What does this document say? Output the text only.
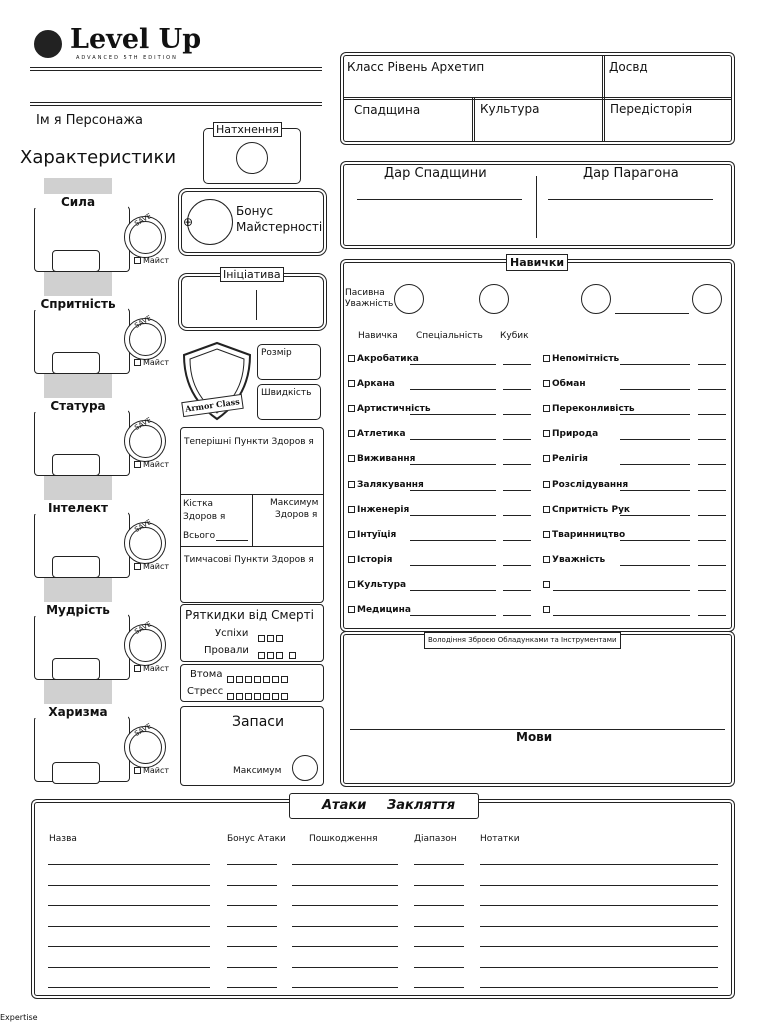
Level Up
ADVANCED 5TH EDITION
Ім я Персонажа
Характеристики
Сила
SAVE
Майст
Спритність
SAVE
Майст
Статура
SAVE
Майст
Інтелект
SAVE
Майст
Мудрість
SAVE
Майст
Харизма
SAVE
Майст
Натхнення
⊕
Бонус
Майстерності
Ініціатива
Armor Class
Розмір
Швидкість
Теперішні Пункти Здоров я
Кістка
Здоров я
Всього
Максимум
Здоров я
Тимчасові Пункти Здоров я
Ряткидки від Смерті
Успіхи
Провали
Втома
Стресс
Запаси
Максимум
Класс Рівень Архетип	Досвд
Спадщина	Культура	Передісторія
Дар Спадщини	Дар Парагона
Навички
Пасивна
Уважність
Навичка Спеціальність Кубик
Акробатика
Аркана
Артистичність
Атлетика
Виживання
Залякування
Інженерія
Інтуїція
Історія
Культура
Медицина
Непомітність
Обман
Переконливість
Природа
Релігія
Розслідування
Спритність Рук
Тваринництво
Уважність
Володіння Зброєю Обладунками та Інструментами
Мови
Атаки Закляття
Назва	Бонус Атаки	Пошкодження	Діапазон	Нотатки
Expertise
